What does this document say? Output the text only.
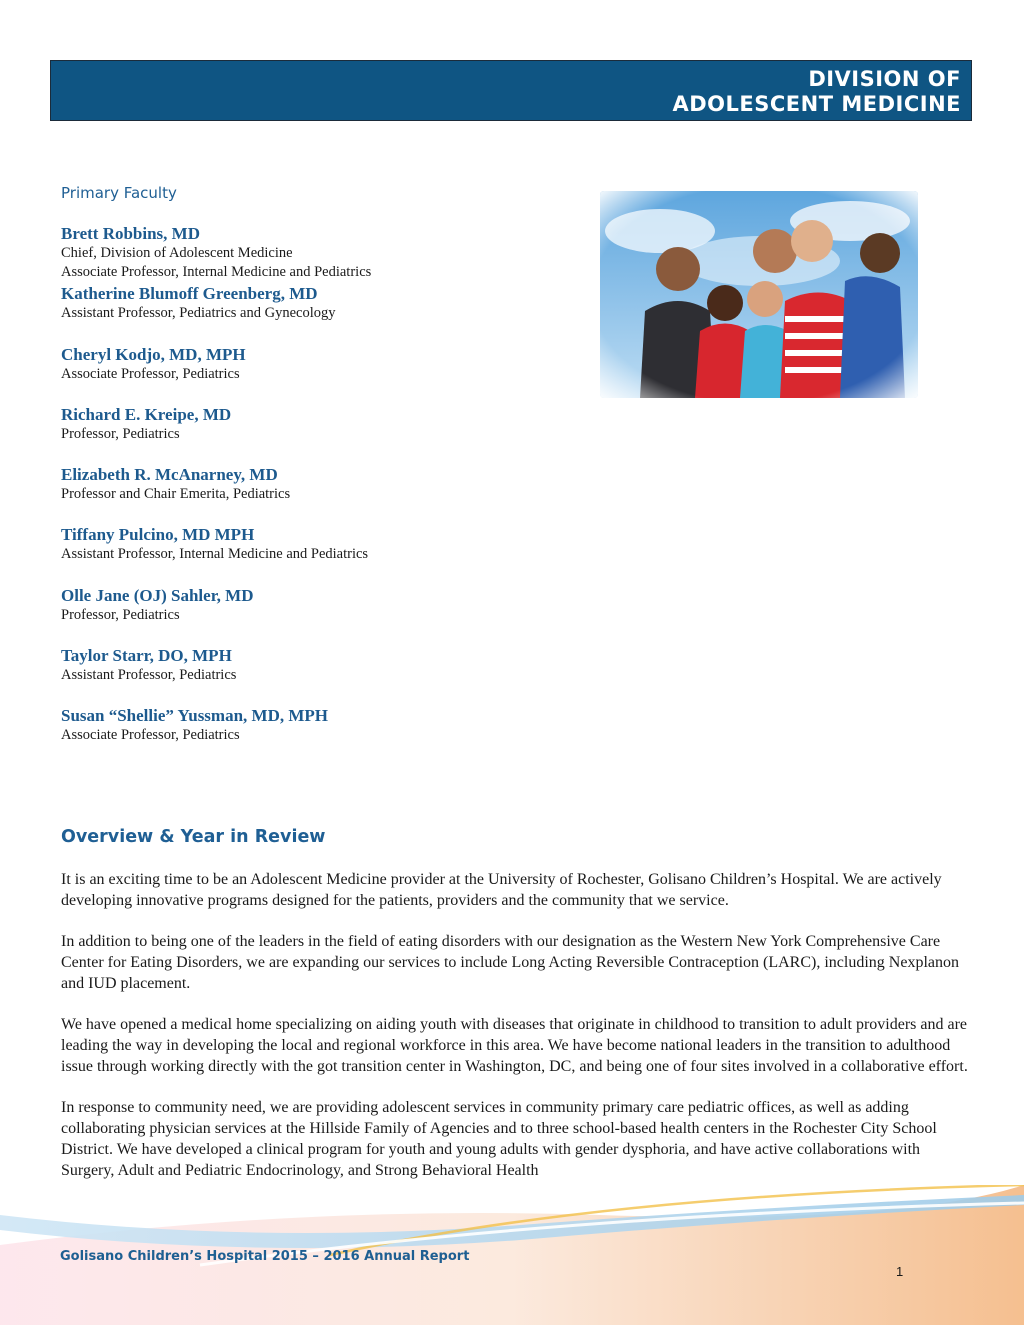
DIVISION OF
ADOLESCENT MEDICINE
Primary Faculty
Brett Robbins, MD
Chief, Division of Adolescent Medicine
Associate Professor, Internal Medicine and Pediatrics
Katherine Blumoff Greenberg, MD
Assistant Professor, Pediatrics and Gynecology
Cheryl Kodjo, MD, MPH
Associate Professor, Pediatrics
Richard E. Kreipe, MD
Professor, Pediatrics
Elizabeth R. McAnarney, MD
Professor and Chair Emerita, Pediatrics
Tiffany Pulcino, MD MPH
Assistant Professor, Internal Medicine and Pediatrics
Olle Jane (OJ) Sahler, MD
Professor, Pediatrics
Taylor Starr, DO, MPH
Assistant Professor, Pediatrics
Susan “Shellie” Yussman, MD, MPH
Associate Professor, Pediatrics
Overview & Year in Review

It is an exciting time to be an Adolescent Medicine provider at the University of Rochester, Golisano Children’s Hospital. We are actively developing innovative programs designed for the patients, providers and the community that we service.

In addition to being one of the leaders in the field of eating disorders with our designation as the Western New York Comprehensive Care Center for Eating Disorders, we are expanding our services to include Long Acting Reversible Contraception (LARC), including Nexplanon and IUD placement.

We have opened a medical home specializing on aiding youth with diseases that originate in childhood to transition to adult providers and are leading the way in developing the local and regional workforce in this area. We have become national leaders in the transition to adulthood issue through working directly with the got transition center in Washington, DC, and being one of four sites involved in a collaborative effort.

In response to community need, we are providing adolescent services in community primary care pediatric offices, as well as adding collaborating physician services at the Hillside Family of Agencies and to three school-based health centers in the Rochester City School District. We have developed a clinical program for youth and young adults with gender dysphoria, and have active collaborations with Surgery, Adult and Pediatric Endocrinology, and Strong Behavioral Health

Golisano Children’s Hospital 2015 – 2016 Annual Report
1
